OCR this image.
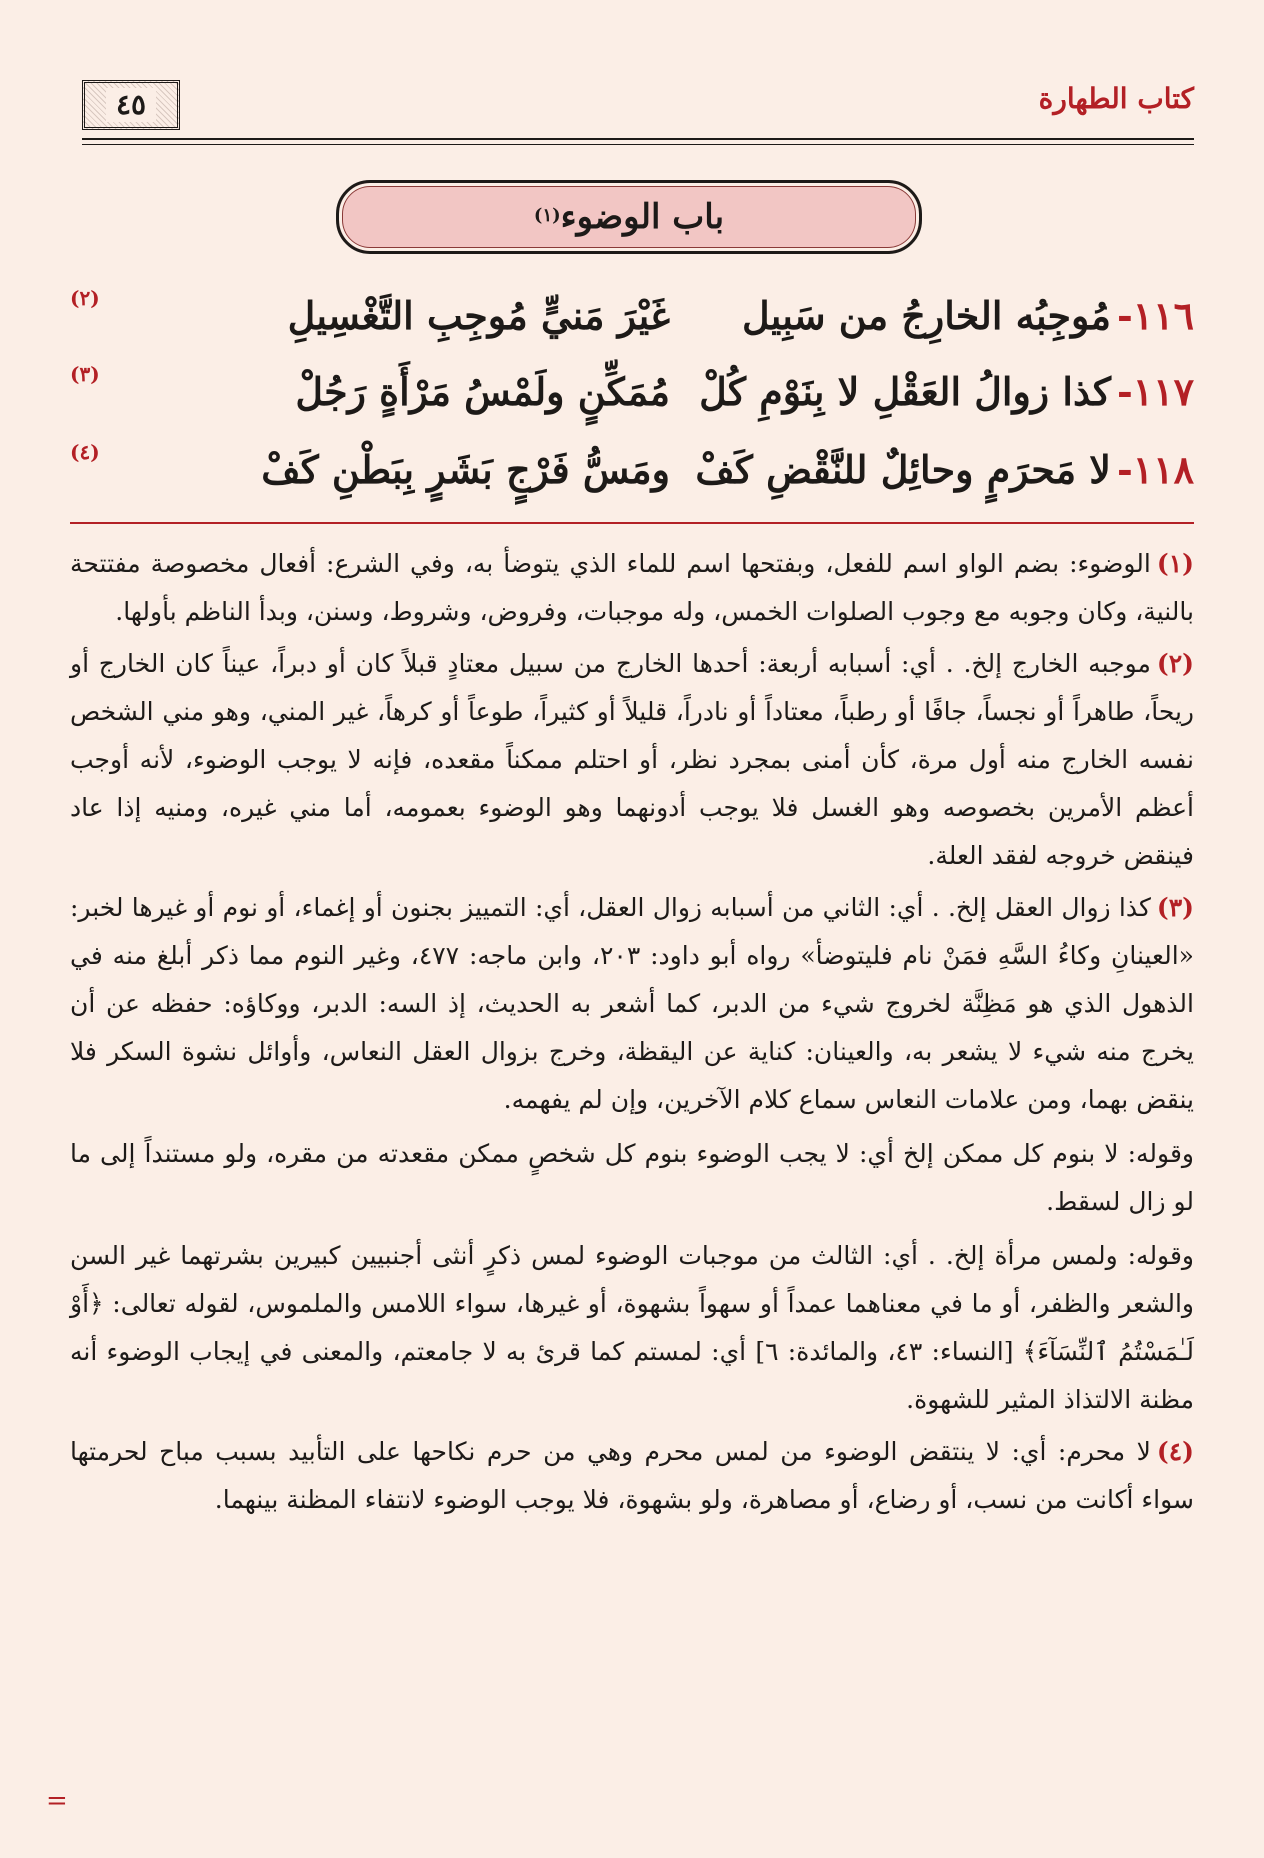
كتاب الطهارة
٤٥
باب الوضوء
$^{(١)}$
١١٦-مُوجِبُه الخارِجُ من سَبِيل
غَيْرَ مَنيٍّ مُوجِبِ التَّغْسِيلِ
(٢)
١١٧-كذا زوالُ العَقْلِ لا بِنَوْمِ كُلْ
مُمَكِّنٍ ولَمْسُ مَرْأَةٍ رَجُلْ
(٣)
١١٨-لا مَحرَمٍ وحائِلٌ للنَّقْضِ كَفْ
ومَسُّ فَرْجٍ بَشَرٍ بِبَطْنِ كَفْ
(٤)
(١)الوضوء: بضم الواو اسم للفعل، وبفتحها اسم للماء الذي يتوضأ به، وفي الشرع: أفعال مخصوصة مفتتحة بالنية، وكان وجوبه مع وجوب الصلوات الخمس، وله موجبات، وفروض، وشروط، وسنن، وبدأ الناظم بأولها.
(٢)موجبه الخارج إلخ. . أي: أسبابه أربعة: أحدها الخارج من سبيل معتادٍ قبلاً كان أو دبراً، عيناً كان الخارج أو ريحاً، طاهراً أو نجساً، جافًا أو رطباً، معتاداً أو نادراً، قليلاً أو كثيراً، طوعاً أو كرهاً، غير المني، وهو مني الشخص نفسه الخارج منه أول مرة، كأن أمنى بمجرد نظر، أو احتلم ممكناً مقعده، فإنه لا يوجب الوضوء، لأنه أوجب أعظم الأمرين بخصوصه وهو الغسل فلا يوجب أدونهما وهو الوضوء بعمومه، أما مني غيره، ومنيه إذا عاد فينقض خروجه لفقد العلة.
(٣)كذا زوال العقل إلخ. . أي: الثاني من أسبابه زوال العقل، أي: التمييز بجنون أو إغماء، أو نوم أو غيرها لخبر: «العينانِ وكاءُ السَّهِ فمَنْ نام فليتوضأ» رواه أبو داود: ٢٠٣، وابن ماجه: ٤٧٧، وغير النوم مما ذكر أبلغ منه في الذهول الذي هو مَظِنَّة لخروج شيء من الدبر، كما أشعر به الحديث، إذ السه: الدبر، ووكاؤه: حفظه عن أن يخرج منه شيء لا يشعر به، والعينان: كناية عن اليقظة، وخرج بزوال العقل النعاس، وأوائل نشوة السكر فلا ينقض بهما، ومن علامات النعاس سماع كلام الآخرين، وإن لم يفهمه.
وقوله: لا بنوم كل ممكن إلخ أي: لا يجب الوضوء بنوم كل شخصٍ ممكن مقعدته من مقره، ولو مستنداً إلى ما لو زال لسقط.
وقوله: ولمس مرأة إلخ. . أي: الثالث من موجبات الوضوء لمس ذكرٍ أنثى أجنبيين كبيرين بشرتهما غير السن والشعر والظفر، أو ما في معناهما عمداً أو سهواً بشهوة، أو غيرها، سواء اللامس والملموس، لقوله تعالى: ﴿أَوْ لَـٰمَسْتُمُ ٱلنِّسَآءَ﴾ [النساء: ٤٣، والمائدة: ٦] أي: لمستم كما قرئ به لا جامعتم، والمعنى في إيجاب الوضوء أنه مظنة الالتذاذ المثير للشهوة.
(٤)لا محرم: أي: لا ينتقض الوضوء من لمس محرم وهي من حرم نكاحها على التأبيد بسبب مباح لحرمتها سواء أكانت من نسب، أو رضاع، أو مصاهرة، ولو بشهوة، فلا يوجب الوضوء لانتفاء المظنة بينهما.
=
